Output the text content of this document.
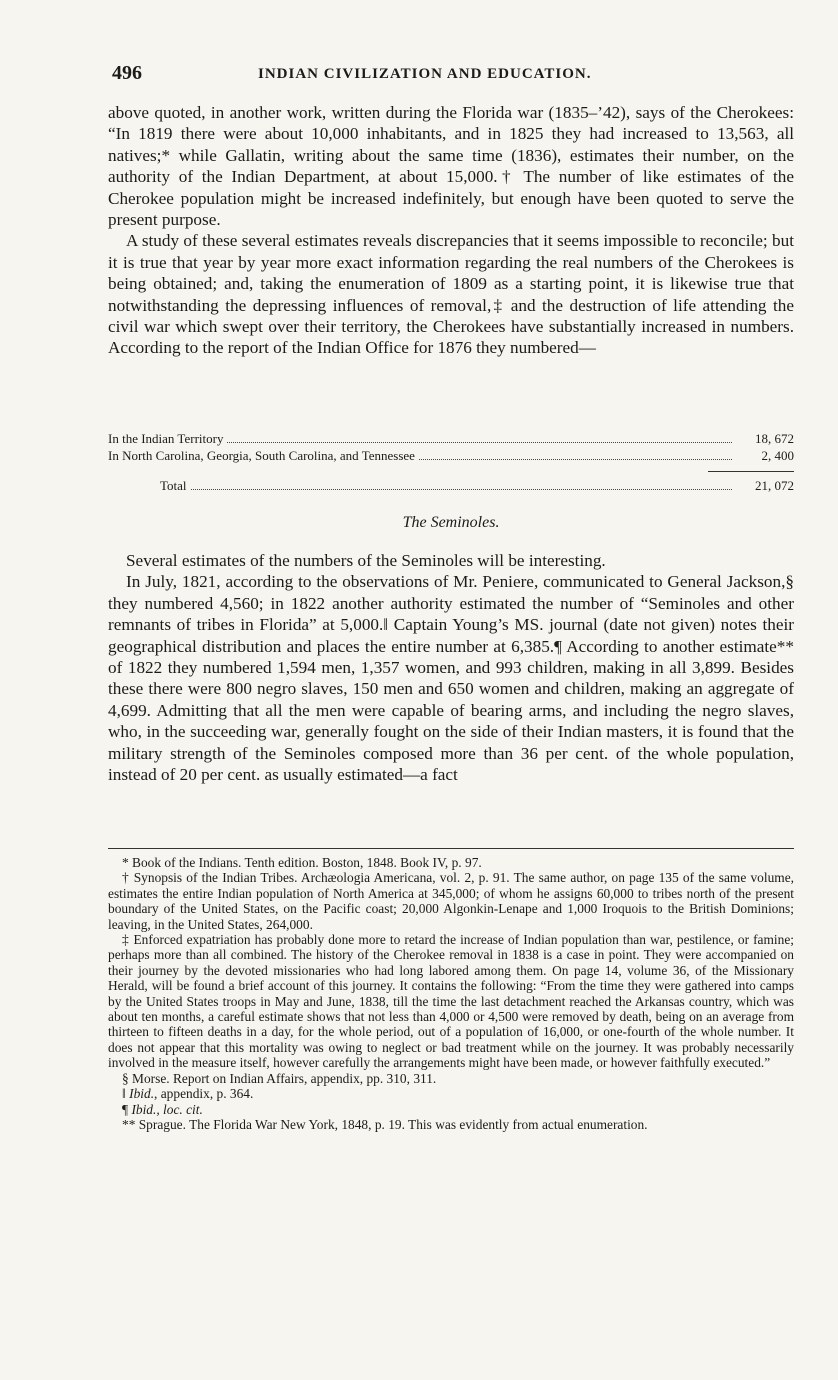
496	INDIAN CIVILIZATION AND EDUCATION.

above quoted, in another work, written during the Florida war (1835–’42), says of the Cherokees: “In 1819 there were about 10,000 inhabitants, and in 1825 they had increased to 13,563, all natives;* while Gallatin, writing about the same time (1836), estimates their number, on the authority of the Indian Department, at about 15,000.† The number of like estimates of the Cherokee population might be increased indefinitely, but enough have been quoted to serve the present purpose.

A study of these several estimates reveals discrepancies that it seems impossible to reconcile; but it is true that year by year more exact information regarding the real numbers of the Cherokees is being obtained; and, taking the enumeration of 1809 as a starting point, it is likewise true that notwithstanding the depressing influences of removal,‡ and the destruction of life attending the civil war which swept over their territory, the Cherokees have substantially increased in numbers. According to the report of the Indian Office for 1876 they numbered—

In the Indian Territory	18, 672
In North Carolina, Georgia, South Carolina, and Tennessee	2, 400
Total	21, 072
The Seminoles.

Several estimates of the numbers of the Seminoles will be interesting.

In July, 1821, according to the observations of Mr. Peniere, communicated to General Jackson,§ they numbered 4,560; in 1822 another authority estimated the number of “Seminoles and other remnants of tribes in Florida” at 5,000.‖ Captain Young’s MS. journal (date not given) notes their geographical distribution and places the entire number at 6,385.¶ According to another estimate** of 1822 they numbered 1,594 men, 1,357 women, and 993 children, making in all 3,899. Besides these there were 800 negro slaves, 150 men and 650 women and children, making an aggregate of 4,699. Admitting that all the men were capable of bearing arms, and including the negro slaves, who, in the succeeding war, generally fought on the side of their Indian masters, it is found that the military strength of the Seminoles composed more than 36 per cent. of the whole population, instead of 20 per cent. as usually estimated—a fact

* Book of the Indians. Tenth edition. Boston, 1848. Book IV, p. 97.

† Synopsis of the Indian Tribes. Archæologia Americana, vol. 2, p. 91. The same author, on page 135 of the same volume, estimates the entire Indian population of North America at 345,000; of whom he assigns 60,000 to tribes north of the present boundary of the United States, on the Pacific coast; 20,000 Algonkin-Lenape and 1,000 Iroquois to the British Dominions; leaving, in the United States, 264,000.

‡ Enforced expatriation has probably done more to retard the increase of Indian population than war, pestilence, or famine; perhaps more than all combined. The history of the Cherokee removal in 1838 is a case in point. They were accompanied on their journey by the devoted missionaries who had long labored among them. On page 14, volume 36, of the Missionary Herald, will be found a brief account of this journey. It contains the following: “From the time they were gathered into camps by the United States troops in May and June, 1838, till the time the last detachment reached the Arkansas country, which was about ten months, a careful estimate shows that not less than 4,000 or 4,500 were removed by death, being on an average from thirteen to fifteen deaths in a day, for the whole period, out of a population of 16,000, or one-fourth of the whole number. It does not appear that this mortality was owing to neglect or bad treatment while on the journey. It was probably necessarily involved in the measure itself, however carefully the arrangements might have been made, or however faithfully executed.”

§ Morse. Report on Indian Affairs, appendix, pp. 310, 311.

‖ Ibid., appendix, p. 364.

¶ Ibid., loc. cit.

** Sprague. The Florida War New York, 1848, p. 19. This was evidently from actual enumeration.
